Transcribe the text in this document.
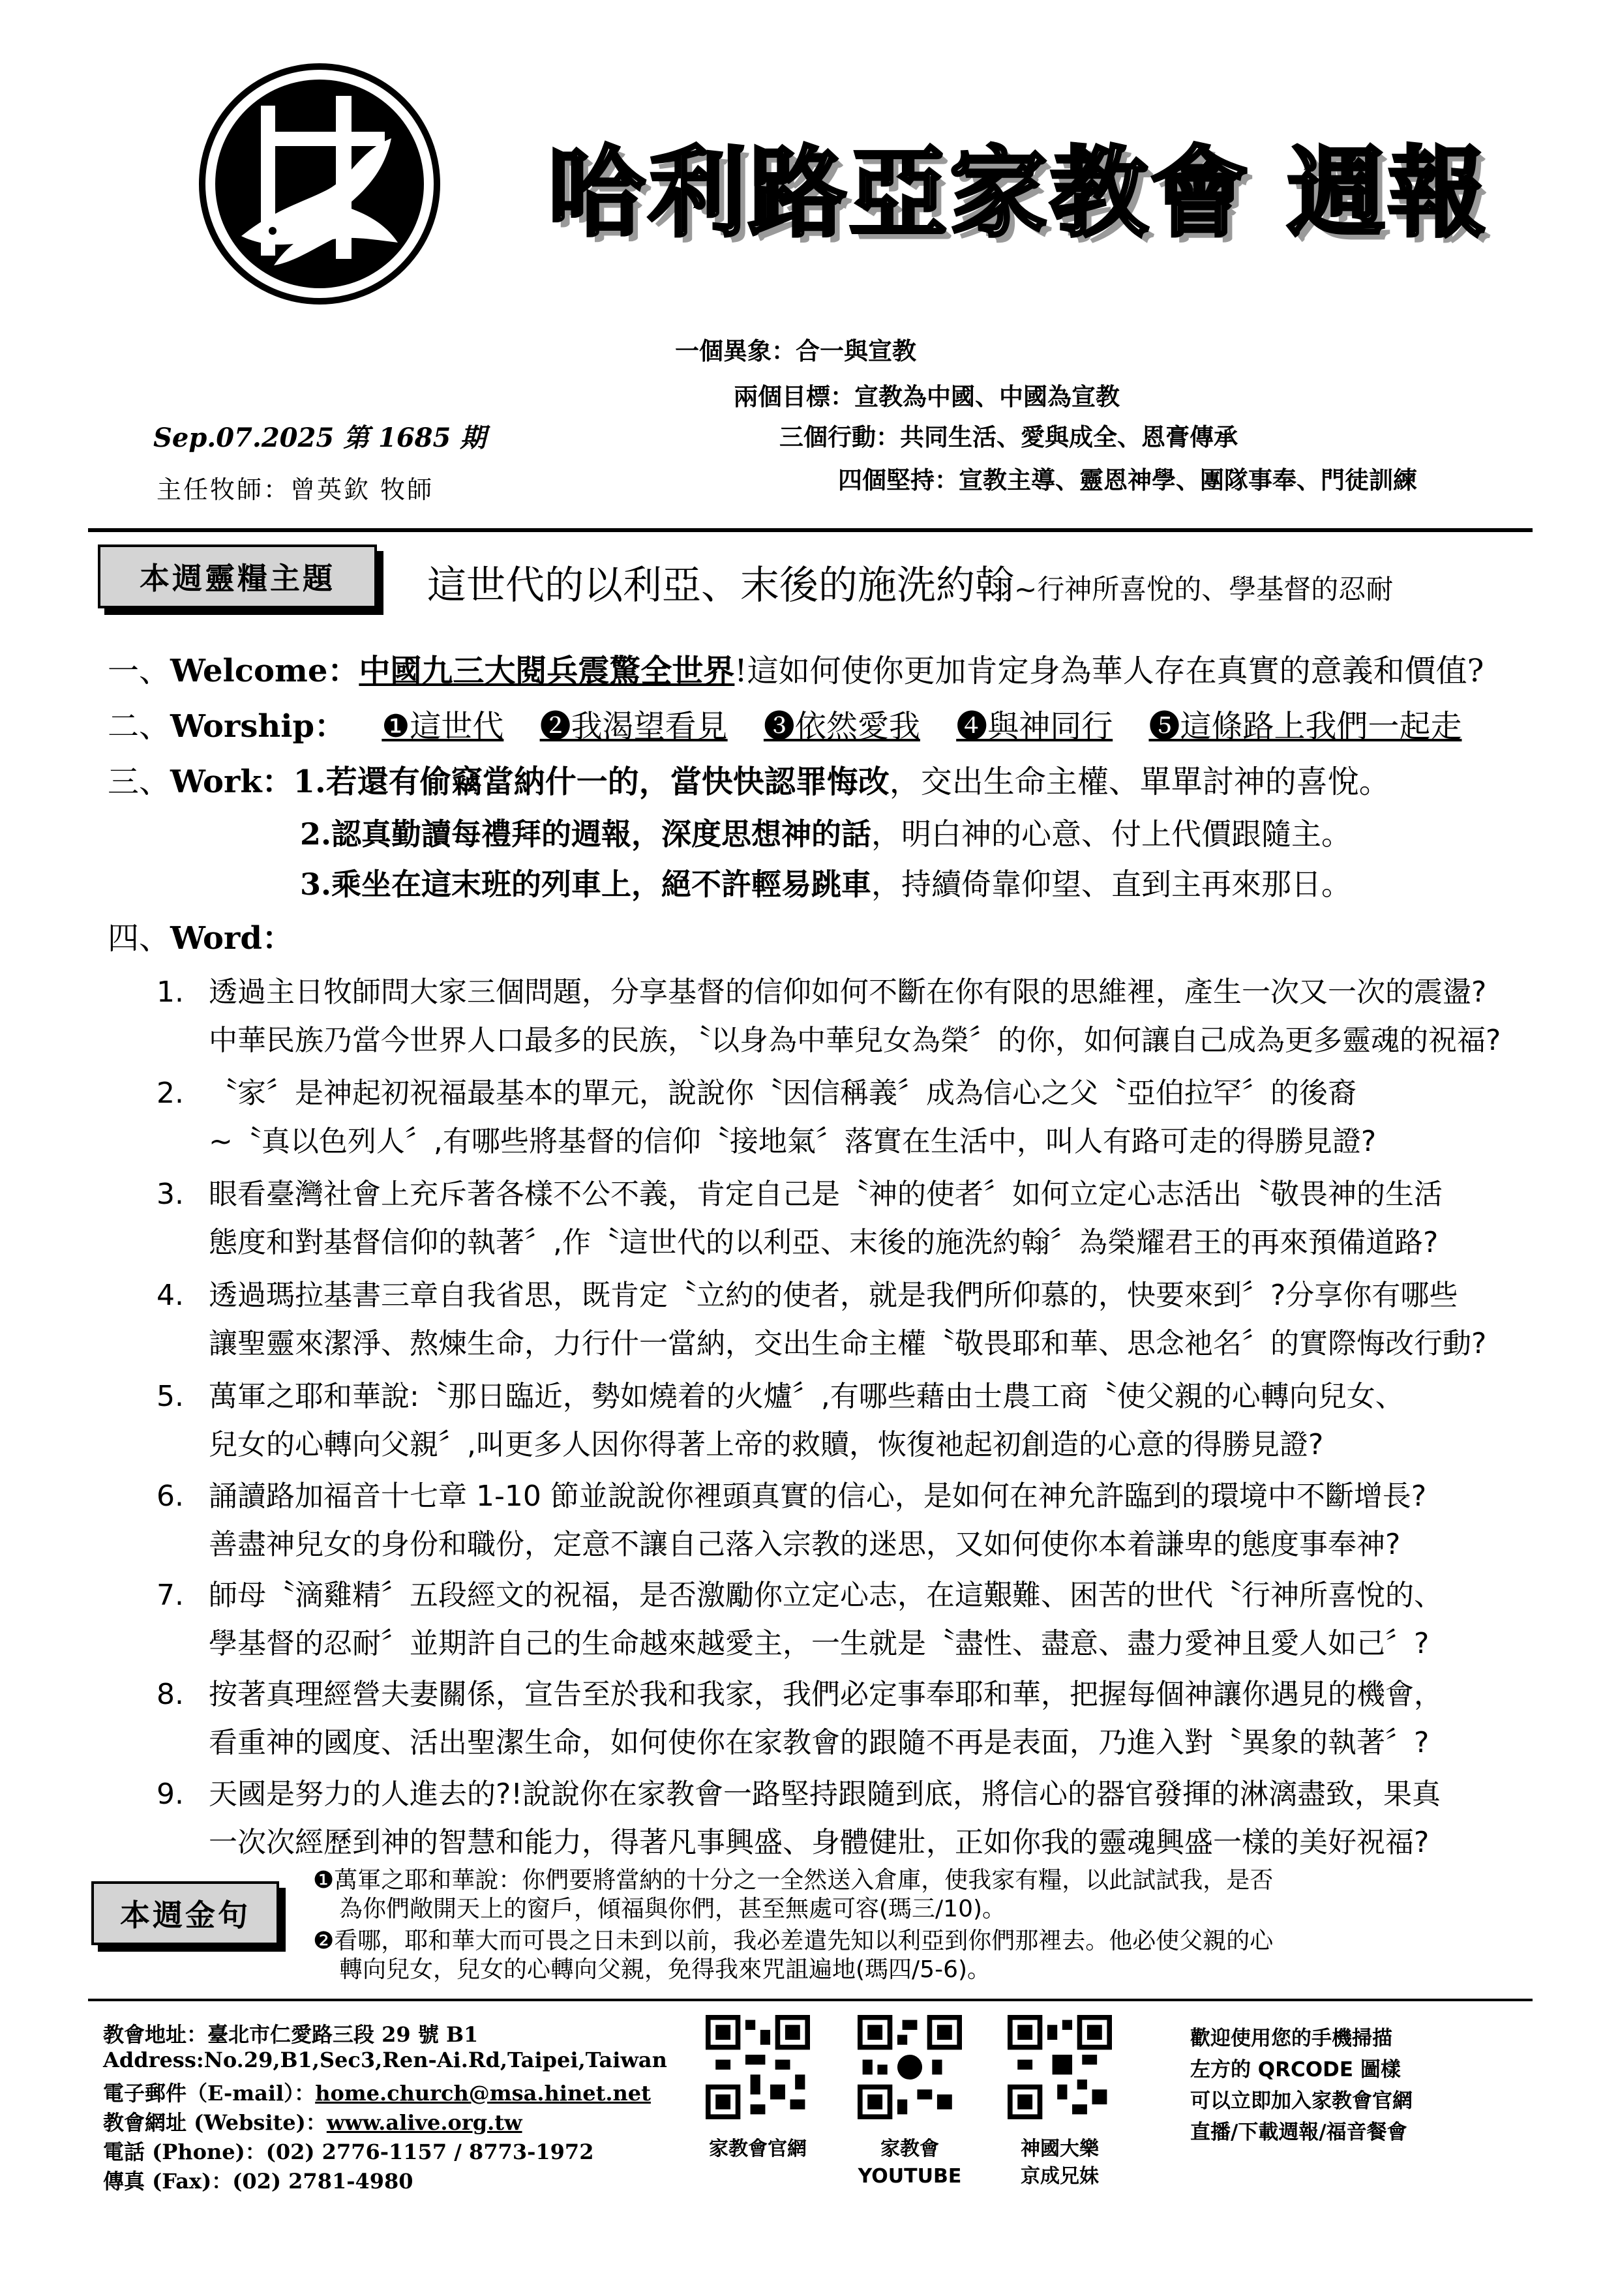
哈利路亞家教會 週報
一個異象：合一與宣教
兩個目標：宣教為中國、中國為宣教
三個行動：共同生活、愛與成全、恩膏傳承
四個堅持：宣教主導、靈恩神學、團隊事奉、門徒訓練
Sep.07.2025 第 1685 期
主任牧師：曾英欽 牧師
本週靈糧主題	這世代的以利亞、末後的施洗約翰~行神所喜悅的、學基督的忍耐
一、Welcome：中國九三大閱兵震驚全世界!這如何使你更加肯定身為華人存在真實的意義和價值?
二、Worship： ❶這世代 ❷我渴望看見 ❸依然愛我 ❹與神同行 ❺這條路上我們一起走
三、Work：1.若還有偷竊當納什一的，當快快認罪悔改，交出生命主權、單單討神的喜悅。
2.認真勤讀每禮拜的週報，深度思想神的話，明白神的心意、付上代價跟隨主。
3.乘坐在這末班的列車上，絕不許輕易跳車，持續倚靠仰望、直到主再來那日。
四、Word：
1. 透過主日牧師問大家三個問題，分享基督的信仰如何不斷在你有限的思維裡，產生一次又一次的震盪?
中華民族乃當今世界人口最多的民族，〝以身為中華兒女為榮〞的你，如何讓自己成為更多靈魂的祝福?
2. 〝家〞是神起初祝福最基本的單元，說說你〝因信稱義〞成為信心之父〝亞伯拉罕〞的後裔
~〝真以色列人〞,有哪些將基督的信仰〝接地氣〞落實在生活中，叫人有路可走的得勝見證?
3. 眼看臺灣社會上充斥著各樣不公不義，肯定自己是〝神的使者〞如何立定心志活出〝敬畏神的生活
態度和對基督信仰的執著〞,作〝這世代的以利亞、末後的施洗約翰〞為榮耀君王的再來預備道路?
4. 透過瑪拉基書三章自我省思，既肯定〝立約的使者，就是我們所仰慕的，快要來到〞?分享你有哪些
讓聖靈來潔淨、熬煉生命，力行什一當納，交出生命主權〝敬畏耶和華、思念祂名〞的實際悔改行動?
5. 萬軍之耶和華說:〝那日臨近，勢如燒着的火爐〞,有哪些藉由士農工商〝使父親的心轉向兒女、
兒女的心轉向父親〞,叫更多人因你得著上帝的救贖，恢復祂起初創造的心意的得勝見證?
6. 誦讀路加福音十七章 1-10 節並說說你裡頭真實的信心，是如何在神允許臨到的環境中不斷增長?
善盡神兒女的身份和職份，定意不讓自己落入宗教的迷思，又如何使你本着謙卑的態度事奉神?
7. 師母〝滴雞精〞五段經文的祝福，是否激勵你立定心志，在這艱難、困苦的世代〝行神所喜悅的、
學基督的忍耐〞並期許自己的生命越來越愛主，一生就是〝盡性、盡意、盡力愛神且愛人如己〞?
8. 按著真理經營夫妻關係，宣告至於我和我家，我們必定事奉耶和華，把握每個神讓你遇見的機會，
看重神的國度、活出聖潔生命，如何使你在家教會的跟隨不再是表面，乃進入對〝異象的執著〞?
9. 天國是努力的人進去的?!說說你在家教會一路堅持跟隨到底，將信心的器官發揮的淋漓盡致，果真
一次次經歷到神的智慧和能力，得著凡事興盛、身體健壯，正如你我的靈魂興盛一樣的美好祝福?
本週金句
❶萬軍之耶和華說：你們要將當納的十分之一全然送入倉庫，使我家有糧，以此試試我，是否
為你們敞開天上的窗戶，傾福與你們，甚至無處可容(瑪三/10)。
❷看哪，耶和華大而可畏之日未到以前，我必差遣先知以利亞到你們那裡去。他必使父親的心
轉向兒女，兒女的心轉向父親，免得我來咒詛遍地(瑪四/5-6)。
教會地址：臺北市仁愛路三段 29 號 B1
Address:No.29,B1,Sec3,Ren-Ai.Rd,Taipei,Taiwan
電子郵件（E-mail）：home.church@msa.hinet.net
教會網址 (Website)：www.alive.org.tw
電話 (Phone)：(02) 2776-1157 / 8773-1972
傳真 (Fax)：(02) 2781-4980
家教會官網	家教會
YOUTUBE
神國大樂
京成兄妹
歡迎使用您的手機掃描
左方的 QRCODE 圖樣
可以立即加入家教會官網
直播/下載週報/福音餐會
